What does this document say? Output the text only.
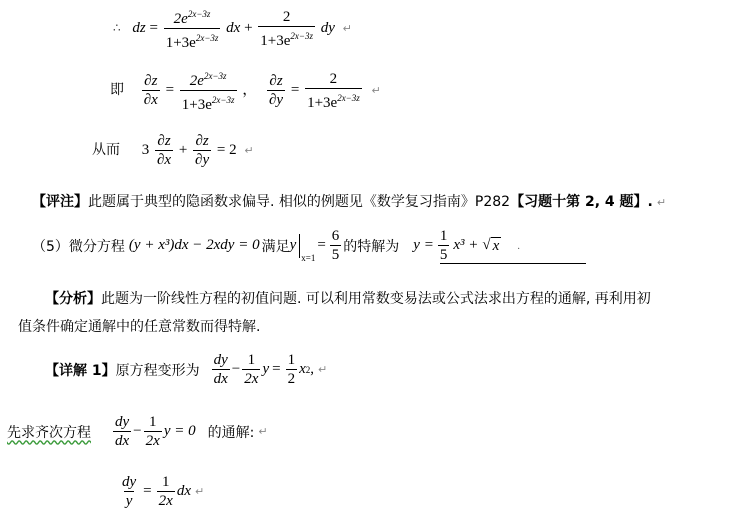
∴ dz = $\frac{2e^{2x-3z}}{1+3e^{2x-3z}}$ dx + $\frac{2}{1+3e^{2x-3z}}$ dy ↵
即 $\frac{\partial z}{\partial x} = \frac{2e^{2x-3z}}{1+3e^{2x-3z}}$ ， $\frac{\partial z}{\partial y} = \frac{2}{1+3e^{2x-3z}}$ ↵
从而 $3 \frac{\partial z}{\partial x} + \frac{\partial z}{\partial y} = 2$ ↵
【评注】此题属于典型的隐函数求偏导. 相似的例题见《数学复习指南》P282【习题十第 2, 4 题】. ↵
（5） 微分方程 (y + x³)dx − 2xdy = 0 满足 y
x=1
= $\frac{6}{5}$ 的特解为 $y = \frac{1}{5} x^3$ + √ x .
【分析】此题为一阶线性方程的初值问题. 可以利用常数变易法或公式法求出方程的通解, 再利用初
值条件确定通解中的任意常数而得特解.
【详解 1】 原方程变形为 $\frac{dy}{dx} - \frac{1}{2x}$ $y = \frac{1}{2}$ x 2 , ↵
先求齐次方程 $\frac{dy}{dx} - \frac{1}{2x}$ y = 0 的通解: ↵
$\frac{dy}{y} = \frac{1}{2x}$ dx ↵
